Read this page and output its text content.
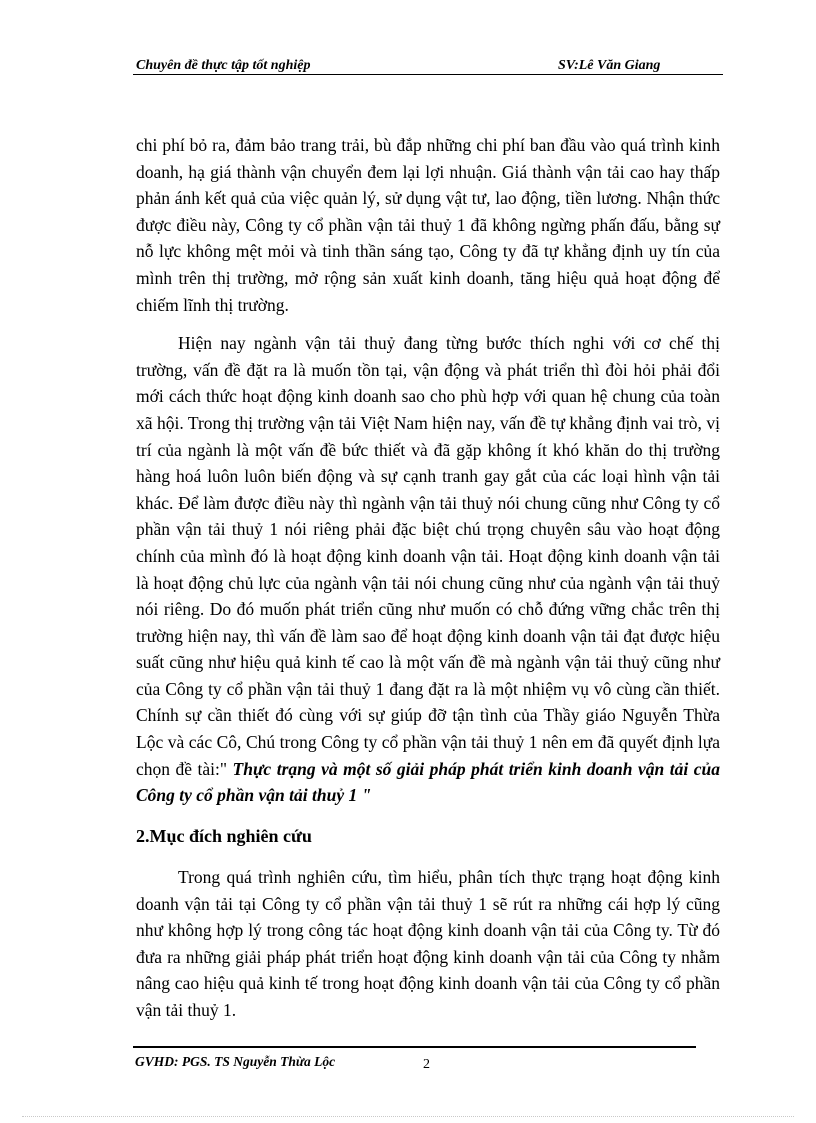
Chuyên đề thực tập tốt nghiệp	SV:Lê Văn Giang

chi phí bỏ ra, đảm bảo trang trải, bù đắp những chi phí ban đầu vào quá trình kinh doanh, hạ giá thành vận chuyển đem lại lợi nhuận. Giá thành vận tải cao hay thấp phản ánh kết quả của việc quản lý, sử dụng vật tư, lao động, tiền lương. Nhận thức được điều này, Công ty cổ phần vận tải thuỷ 1 đã không ngừng phấn đấu, bằng sự nỗ lực không mệt mỏi và tinh thần sáng tạo, Công ty đã tự khẳng định uy tín của mình trên thị trường, mở rộng sản xuất kinh doanh, tăng hiệu quả hoạt động để chiếm lĩnh thị trường.

Hiện nay ngành vận tải thuỷ đang từng bước thích nghi với cơ chế thị trường, vấn đề đặt ra là muốn tồn tại, vận động và phát triển thì đòi hỏi phải đổi mới cách thức hoạt động kinh doanh sao cho phù hợp với quan hệ chung của toàn xã hội. Trong thị trường vận tải Việt Nam hiện nay, vấn đề tự khẳng định vai trò, vị trí của ngành là một vấn đề bức thiết và đã gặp không ít khó khăn do thị trường hàng hoá luôn luôn biến động và sự cạnh tranh gay gắt của các loại hình vận tải khác. Để làm được điều này thì ngành vận tải thuỷ nói chung cũng như Công ty cổ phần vận tải thuỷ 1 nói riêng phải đặc biệt chú trọng chuyên sâu vào hoạt động chính của mình đó là hoạt động kinh doanh vận tải. Hoạt động kinh doanh vận tải là hoạt động chủ lực của ngành vận tải nói chung cũng như của ngành vận tải thuỷ nói riêng. Do đó muốn phát triển cũng như muốn có chỗ đứng vững chắc trên thị trường hiện nay, thì vấn đề làm sao để hoạt động kinh doanh vận tải đạt được hiệu suất cũng như hiệu quả kinh tế cao là một vấn đề mà ngành vận tải thuỷ cũng như của Công ty cổ phần vận tải thuỷ 1 đang đặt ra là một nhiệm vụ vô cùng cần thiết. Chính sự cần thiết đó cùng với sự giúp đỡ tận tình của Thầy giáo Nguyễn Thừa Lộc và các Cô, Chú trong Công ty cổ phần vận tải thuỷ 1 nên em đã quyết định lựa chọn đề tài:" Thực trạng và một số giải pháp phát triển kinh doanh vận tải của Công ty cổ phần vận tải thuỷ 1 "

2.Mục đích nghiên cứu

Trong quá trình nghiên cứu, tìm hiểu, phân tích thực trạng hoạt động kinh doanh vận tải tại Công ty cổ phần vận tải thuỷ 1 sẽ rút ra những cái hợp lý cũng như không hợp lý trong công tác hoạt động kinh doanh vận tải của Công ty. Từ đó đưa ra những giải pháp phát triển hoạt động kinh doanh vận tải của Công ty nhằm nâng cao hiệu quả kinh tế trong hoạt động kinh doanh vận tải của Công ty cổ phần vận tải thuỷ 1.

GVHD: PGS. TS Nguyễn Thừa Lộc	2
